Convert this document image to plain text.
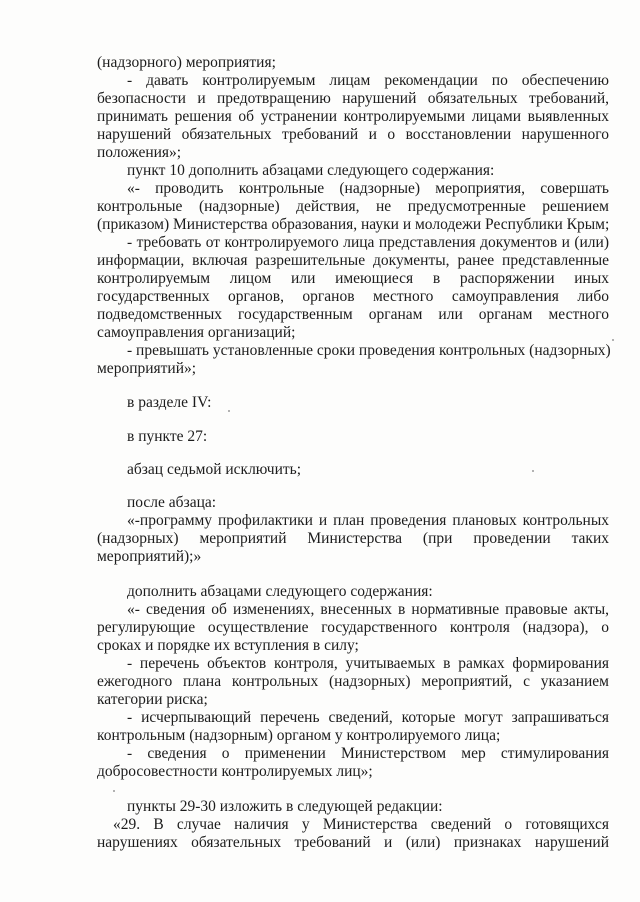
(надзорного) мероприятия;
- давать контролируемым лицам рекомендации по обеспечению
безопасности и предотвращению нарушений обязательных требований,
принимать решения об устранении контролируемыми лицами выявленных
нарушений обязательных требований и о восстановлении нарушенного
положения»;
пункт 10 дополнить абзацами следующего содержания:
«- проводить контрольные (надзорные) мероприятия, совершать
контрольные (надзорные) действия, не предусмотренные решением
(приказом) Министерства образования, науки и молодежи Республики Крым;
- требовать от контролируемого лица представления документов и (или)
информации, включая разрешительные документы, ранее представленные
контролируемым лицом или имеющиеся в распоряжении иных
государственных органов, органов местного самоуправления либо
подведомственных государственным органам или органам местного
самоуправления организаций;
- превышать установленные сроки проведения контрольных (надзорных)
мероприятий»;
в разделе IV:
в пункте 27:
абзац седьмой исключить;
после абзаца:
«-программу профилактики и план проведения плановых контрольных
(надзорных) мероприятий Министерства (при проведении таких
мероприятий);»
дополнить абзацами следующего содержания:
«- сведения об изменениях, внесенных в нормативные правовые акты,
регулирующие осуществление государственного контроля (надзора), о
сроках и порядке их вступления в силу;
- перечень объектов контроля, учитываемых в рамках формирования
ежегодного плана контрольных (надзорных) мероприятий, с указанием
категории риска;
- исчерпывающий перечень сведений, которые могут запрашиваться
контрольным (надзорным) органом у контролируемого лица;
- сведения о применении Министерством мер стимулирования
добросовестности контролируемых лиц»;
пункты 29-30 изложить в следующей редакции:
«29. В случае наличия у Министерства сведений о готовящихся
нарушениях обязательных требований и (или) признаках нарушений
